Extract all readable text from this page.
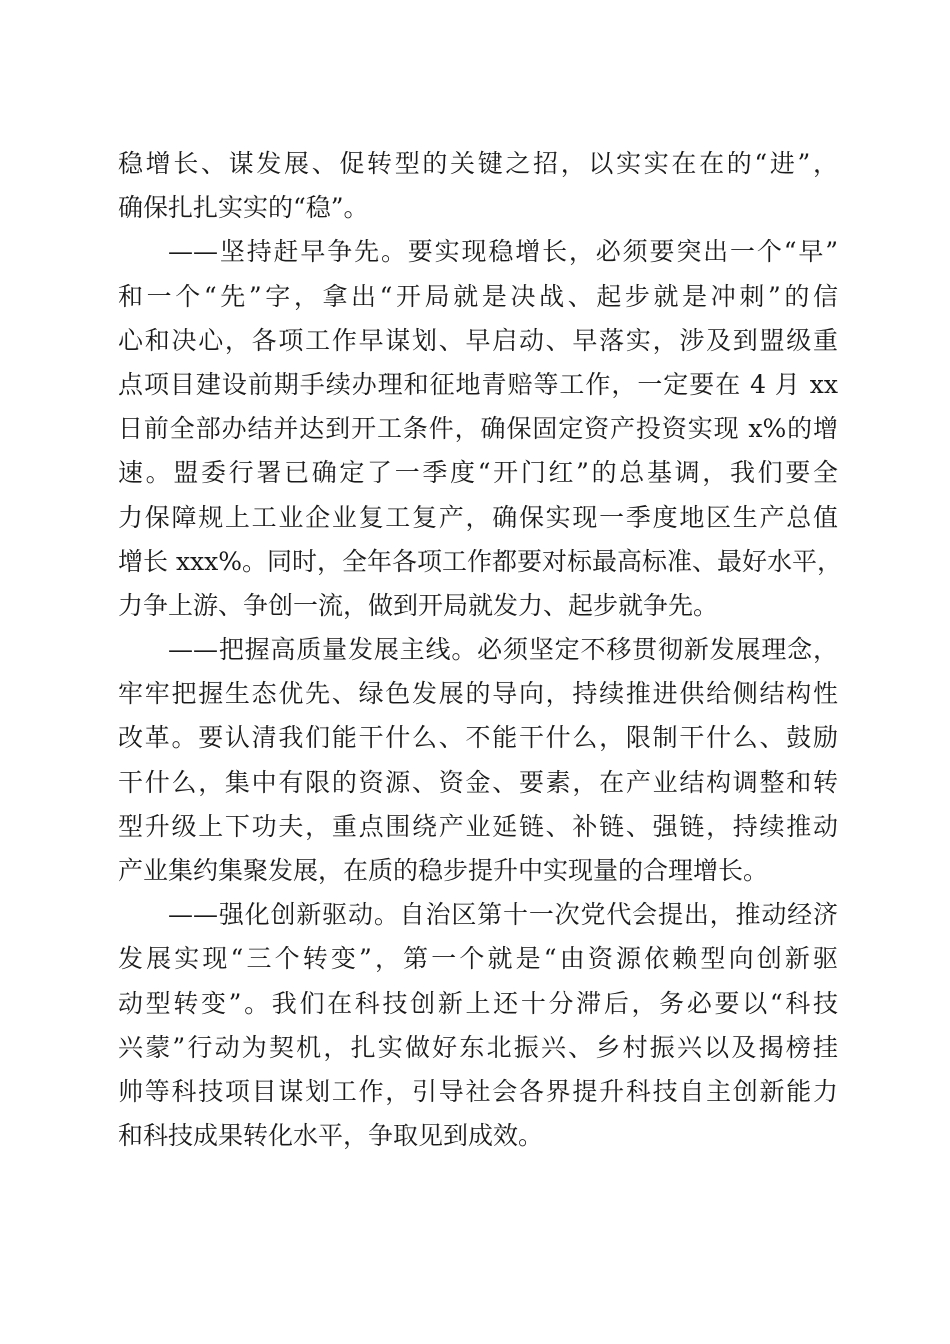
稳增长、谋发展、促转型的关键之招，以实实在在的“进”，
确保扎扎实实的“稳”。
——坚持赶早争先。要实现稳增长，必须要突出一个“早”
和一个“先”字，拿出“开局就是决战、起步就是冲刺”的信
心和决心，各项工作早谋划、早启动、早落实，涉及到盟级重
点项目建设前期手续办理和征地青赔等工作，一定要在 4 月 xx
日前全部办结并达到开工条件，确保固定资产投资实现 x%的增
速。盟委行署已确定了一季度“开门红”的总基调，我们要全
力保障规上工业企业复工复产，确保实现一季度地区生产总值
增长 xxx%。同时，全年各项工作都要对标最高标准、最好水平，
力争上游、争创一流，做到开局就发力、起步就争先。
——把握高质量发展主线。必须坚定不移贯彻新发展理念，
牢牢把握生态优先、绿色发展的导向，持续推进供给侧结构性
改革。要认清我们能干什么、不能干什么，限制干什么、鼓励
干什么，集中有限的资源、资金、要素，在产业结构调整和转
型升级上下功夫，重点围绕产业延链、补链、强链，持续推动
产业集约集聚发展，在质的稳步提升中实现量的合理增长。
——强化创新驱动。自治区第十一次党代会提出，推动经济
发展实现“三个转变”，第一个就是“由资源依赖型向创新驱
动型转变”。我们在科技创新上还十分滞后，务必要以“科技
兴蒙”行动为契机，扎实做好东北振兴、乡村振兴以及揭榜挂
帅等科技项目谋划工作，引导社会各界提升科技自主创新能力
和科技成果转化水平，争取见到成效。
